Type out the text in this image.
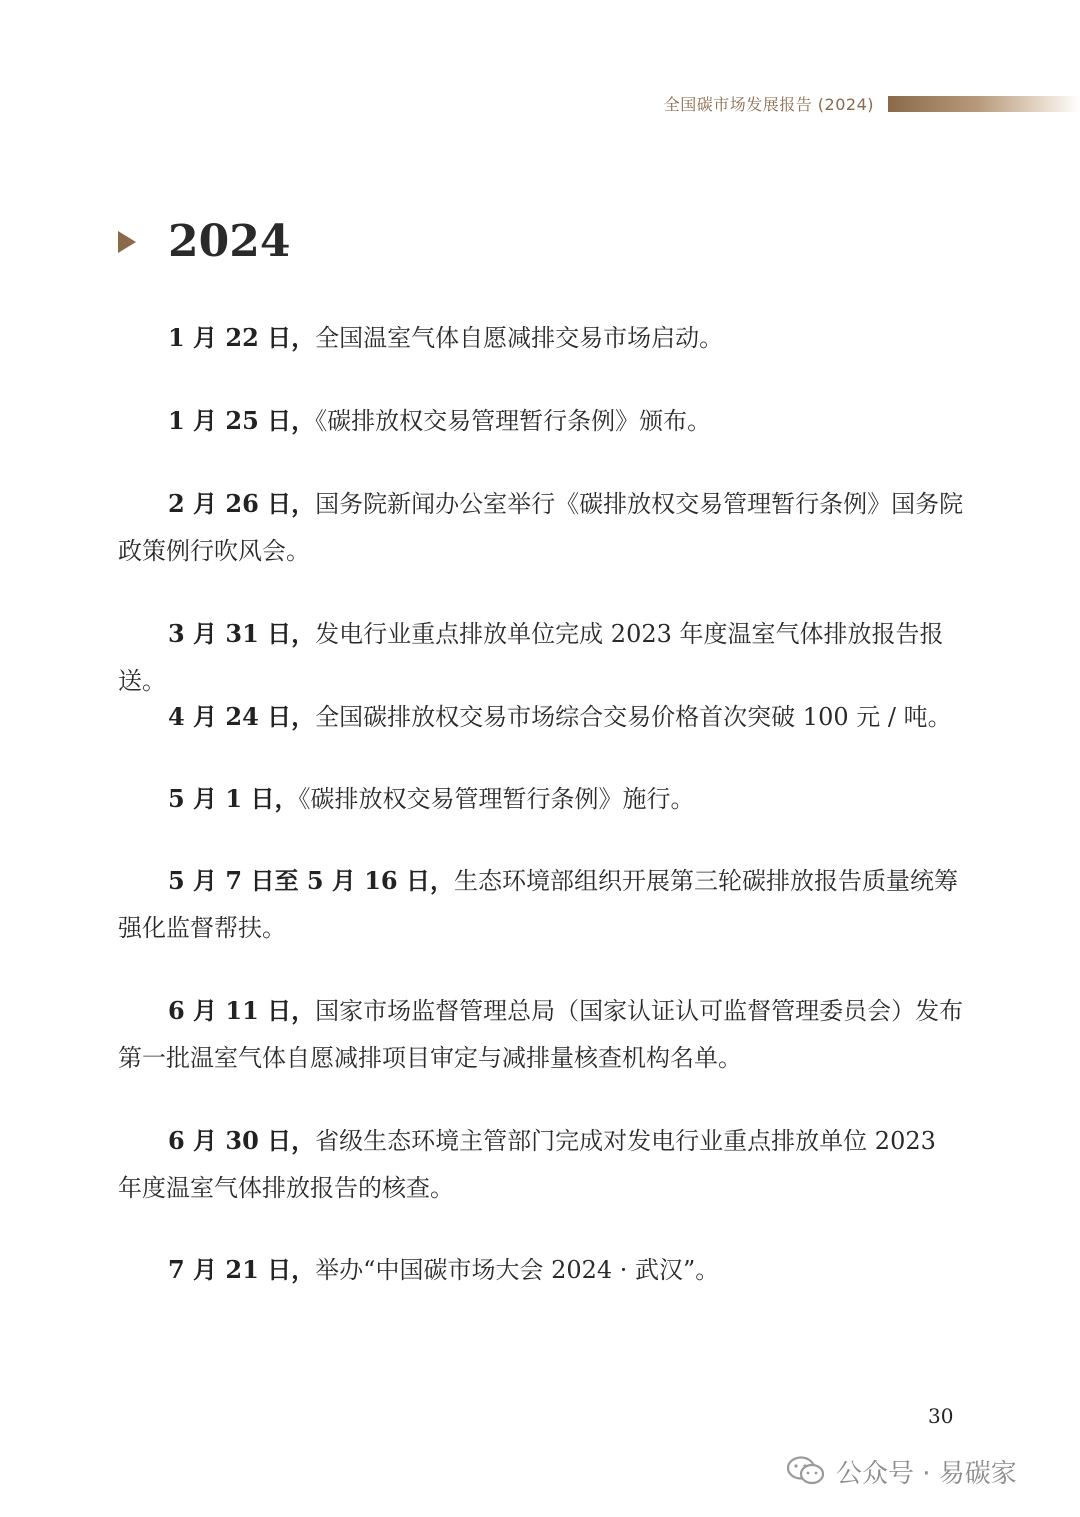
全国碳市场发展报告 (2024)
2024

1 月 22 日，全国温室气体自愿减排交易市场启动。

1 月 25 日，《碳排放权交易管理暂行条例》颁布。

2 月 26 日，国务院新闻办公室举行《碳排放权交易管理暂行条例》国务院政策例行吹风会。

3 月 31 日，发电行业重点排放单位完成 2023 年度温室气体排放报告报送。

4 月 24 日，全国碳排放权交易市场综合交易价格首次突破 100 元 / 吨。

5 月 1 日，《碳排放权交易管理暂行条例》施行。

5 月 7 日至 5 月 16 日，生态环境部组织开展第三轮碳排放报告质量统筹强化监督帮扶。

6 月 11 日，国家市场监督管理总局（国家认证认可监督管理委员会）发布第一批温室气体自愿减排项目审定与减排量核查机构名单。

6 月 30 日，省级生态环境主管部门完成对发电行业重点排放单位 2023 年度温室气体排放报告的核查。

7 月 21 日，举办“中国碳市场大会 2024 · 武汉”。

30
公众号 · 易碳家
